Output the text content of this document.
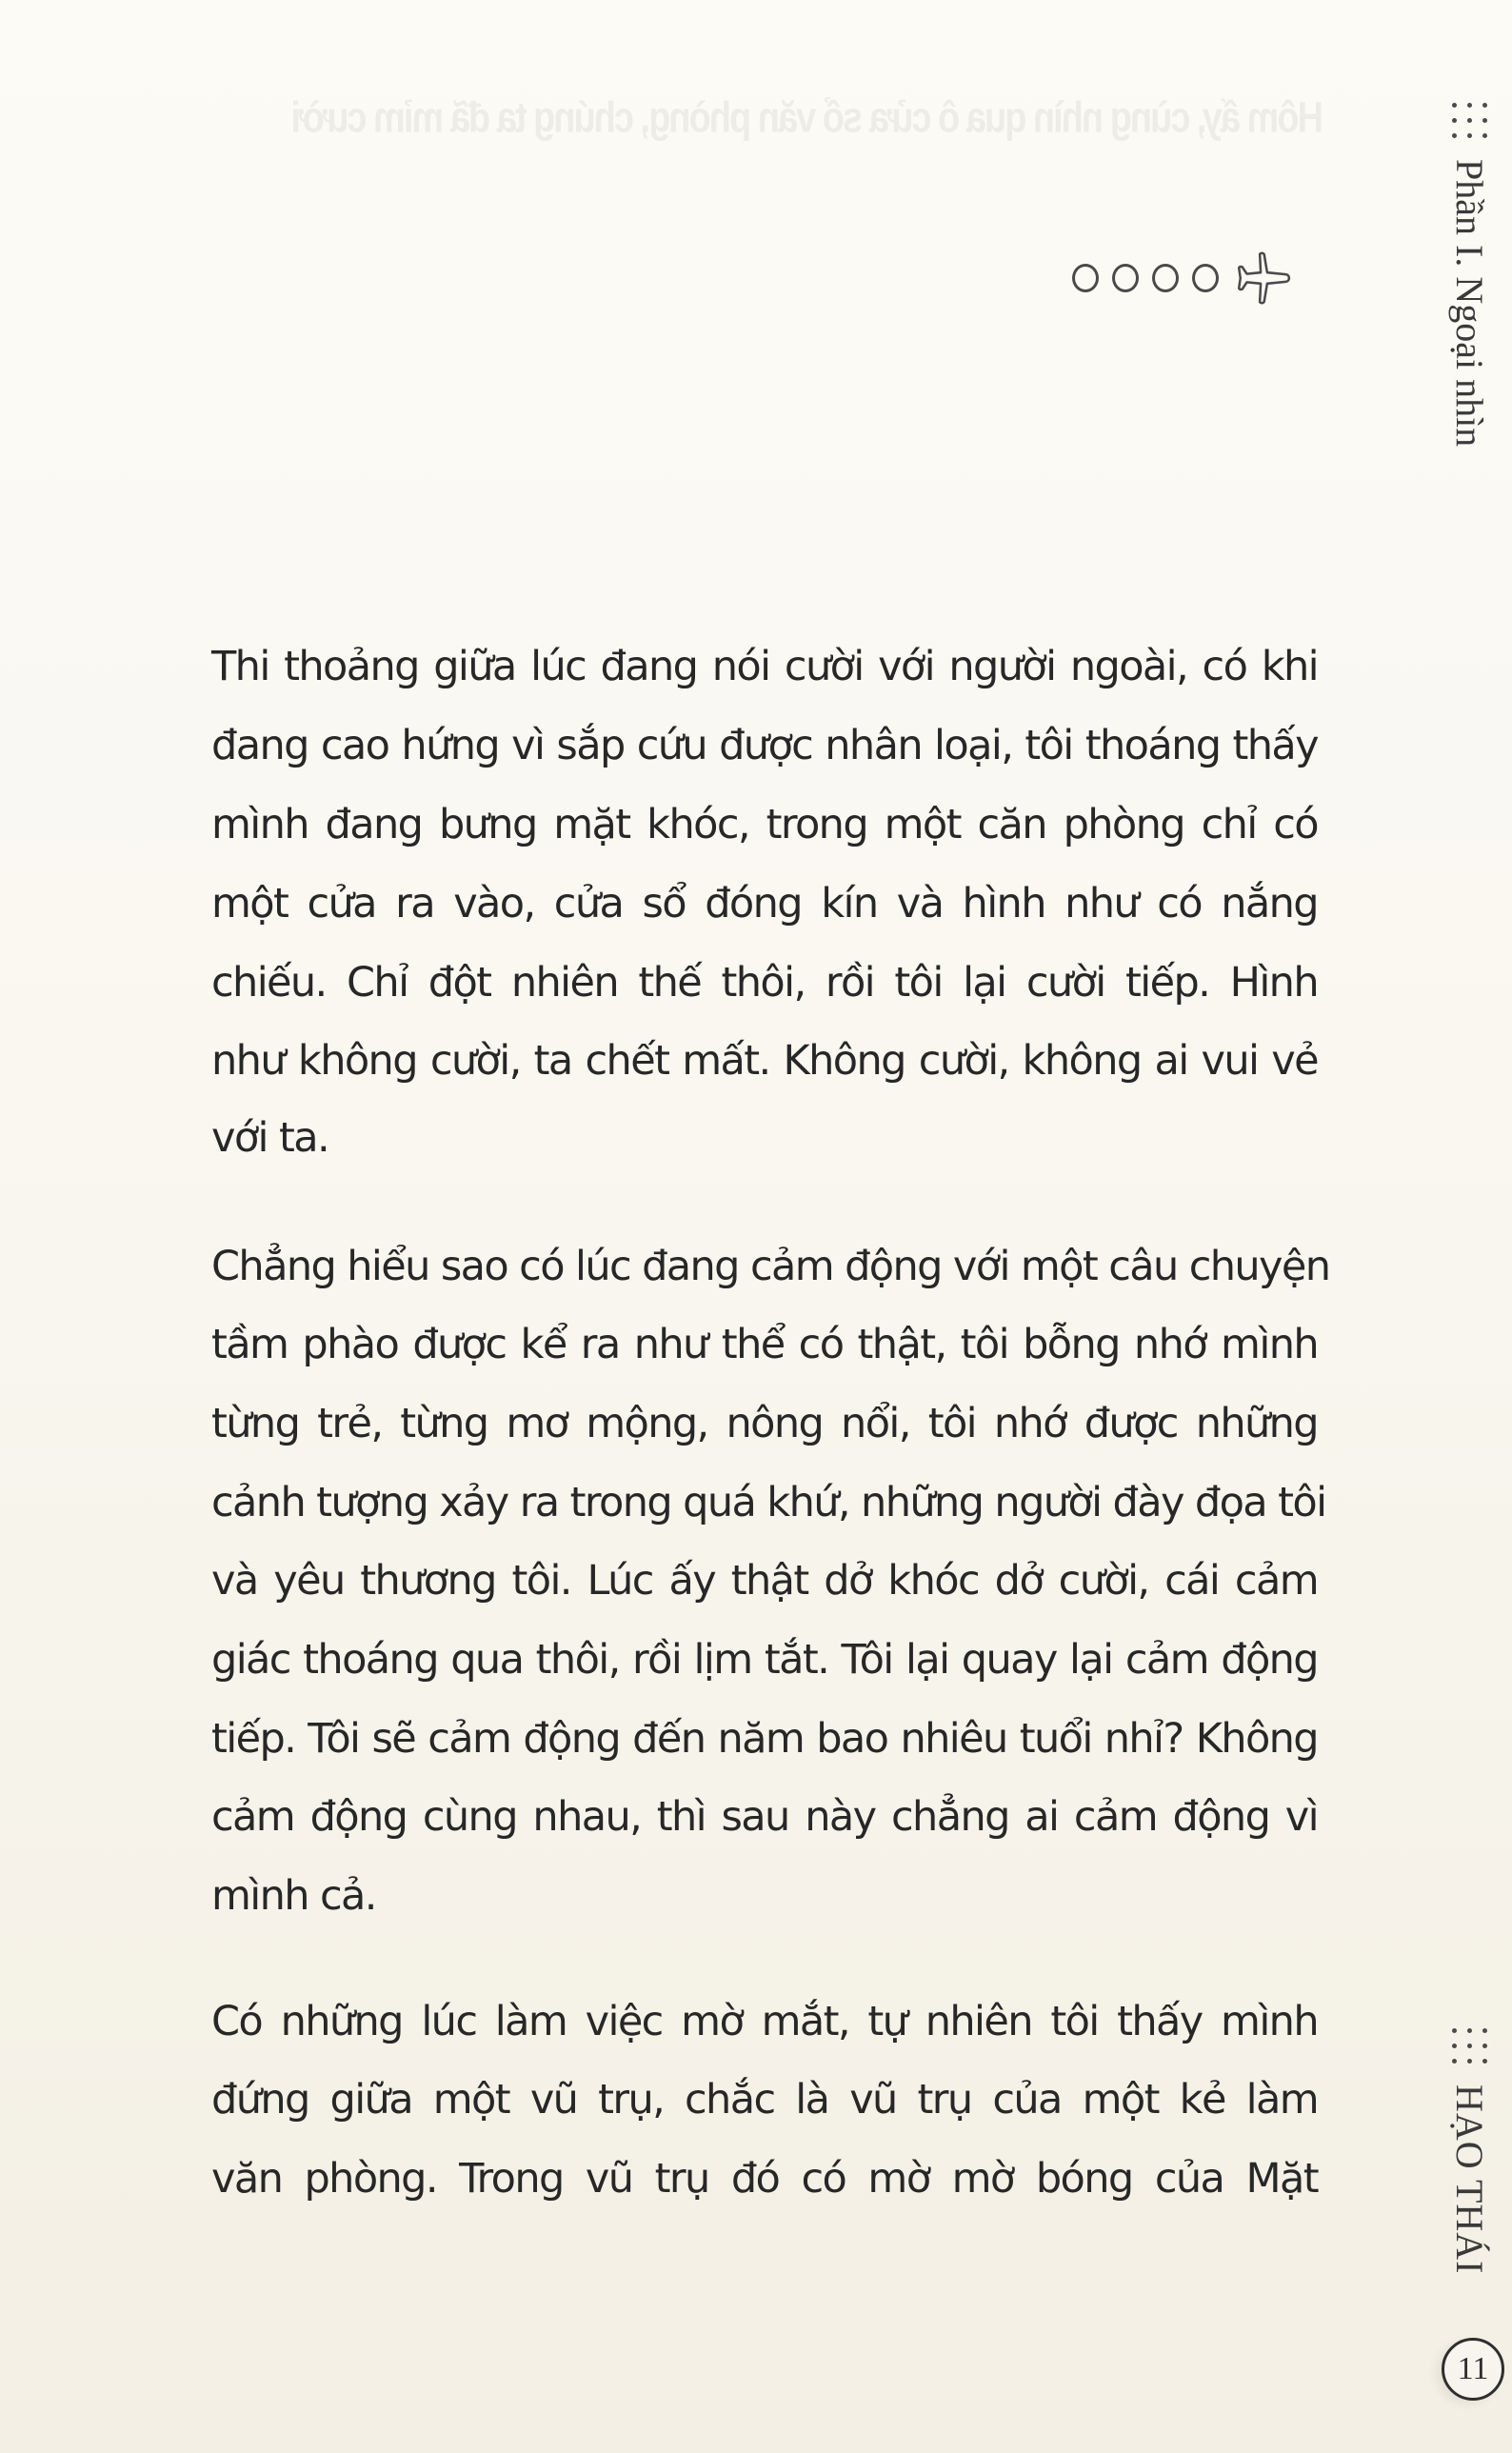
Hôm ấy, cùng nhìn qua ô cửa sổ văn phòng, chúng ta đã mỉm cười
Thi thoảng giữa lúc đang nói cười với người ngoài, có khi
đang cao hứng vì sắp cứu được nhân loại, tôi thoáng thấy
mình đang bưng mặt khóc, trong một căn phòng chỉ có
một cửa ra vào, cửa sổ đóng kín và hình như có nắng
chiếu. Chỉ đột nhiên thế thôi, rồi tôi lại cười tiếp. Hình
như không cười, ta chết mất. Không cười, không ai vui vẻ
với ta.
Chẳng hiểu sao có lúc đang cảm động với một câu chuyện
tầm phào được kể ra như thể có thật, tôi bỗng nhớ mình
từng trẻ, từng mơ mộng, nông nổi, tôi nhớ được những
cảnh tượng xảy ra trong quá khứ, những người đày đọa tôi
và yêu thương tôi. Lúc ấy thật dở khóc dở cười, cái cảm
giác thoáng qua thôi, rồi lịm tắt. Tôi lại quay lại cảm động
tiếp. Tôi sẽ cảm động đến năm bao nhiêu tuổi nhỉ? Không
cảm động cùng nhau, thì sau này chẳng ai cảm động vì
mình cả.
Có những lúc làm việc mờ mắt, tự nhiên tôi thấy mình
đứng giữa một vũ trụ, chắc là vũ trụ của một kẻ làm
văn phòng. Trong vũ trụ đó có mờ mờ bóng của Mặt
Phần I. Ngoại nhìn
HẠO THÁI
11
